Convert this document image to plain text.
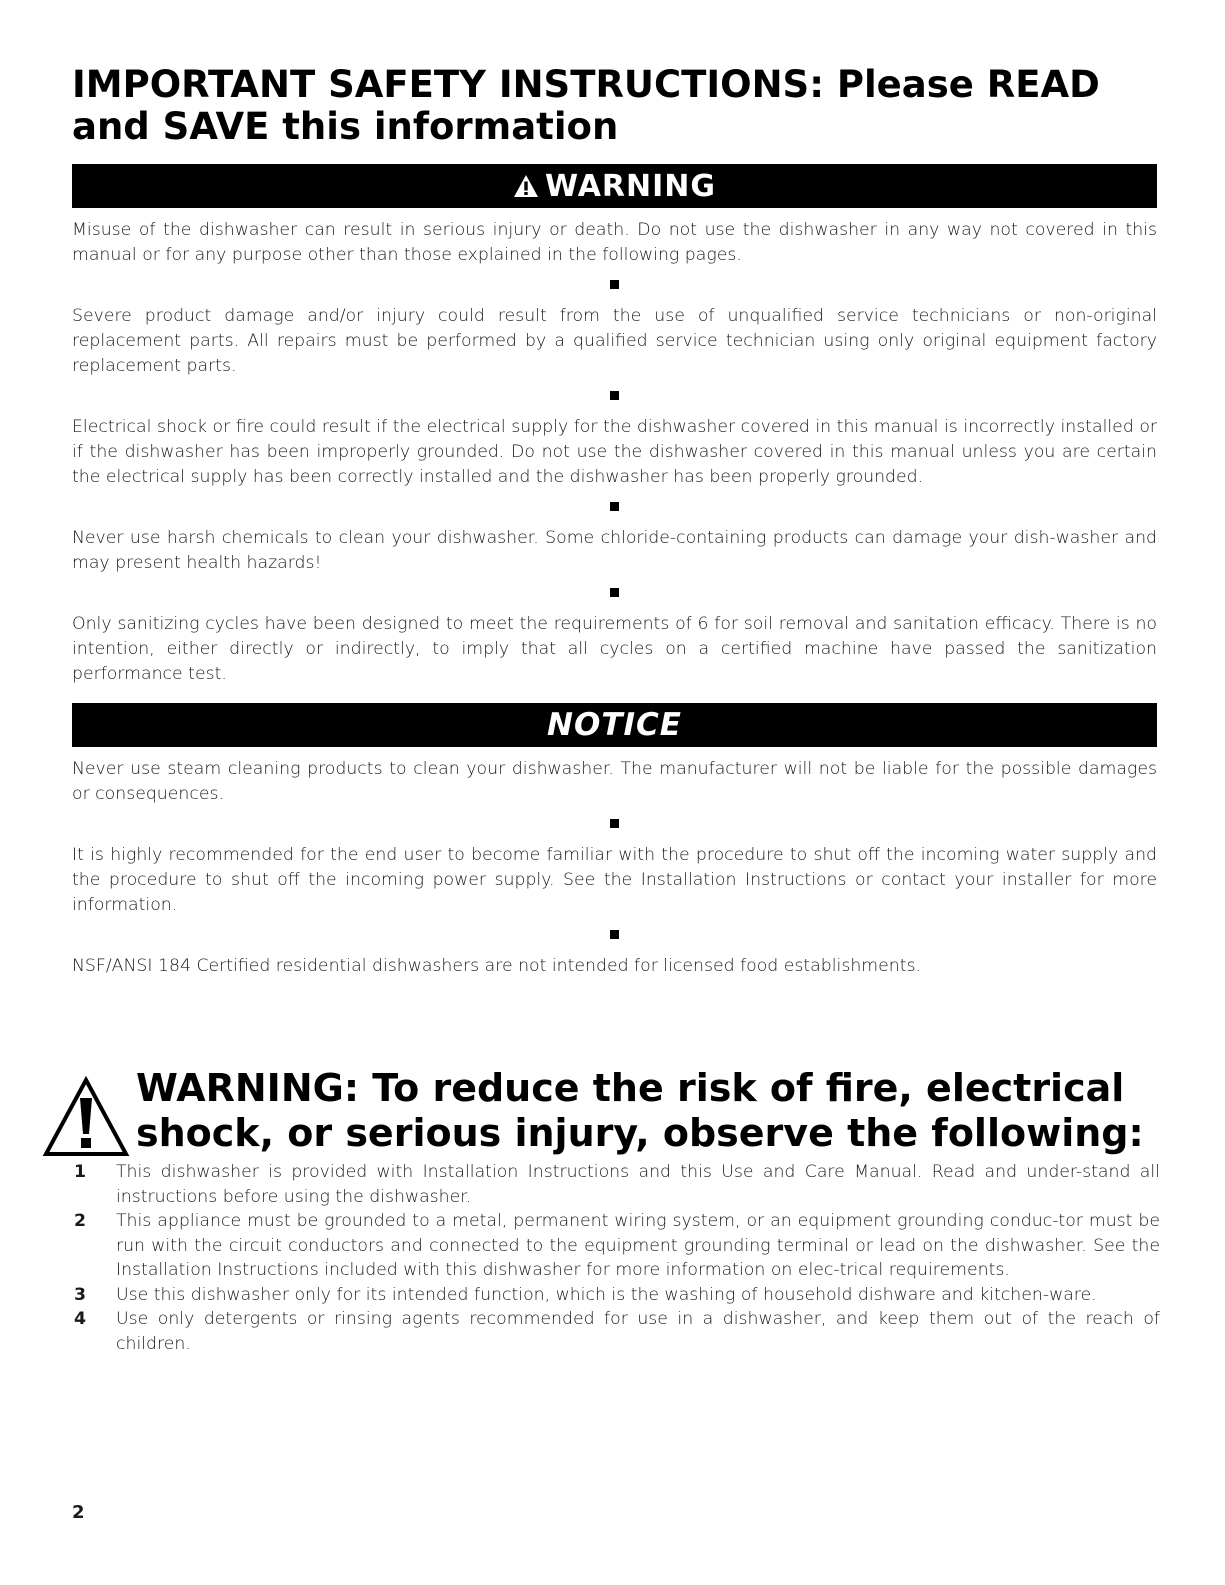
IMPORTANT SAFETY INSTRUCTIONS: Please READ and SAVE this information
WARNING

Misuse of the dishwasher can result in serious injury or death. Do not use the dishwasher in any way not covered in this manual or for any purpose other than those explained in the following pages.

Severe product damage and/or injury could result from the use of unqualified service technicians or non-original replacement parts. All repairs must be performed by a qualified service technician using only original equipment factory replacement parts.

Electrical shock or fire could result if the electrical supply for the dishwasher covered in this manual is incorrectly installed or if the dishwasher has been improperly grounded. Do not use the dishwasher covered in this manual unless you are certain the electrical supply has been correctly installed and the dishwasher has been properly grounded.

Never use harsh chemicals to clean your dishwasher. Some chloride-containing products can damage your dish-washer and may present health hazards!

Only sanitizing cycles have been designed to meet the requirements of 6 for soil removal and sanitation efficacy. There is no intention, either directly or indirectly, to imply that all cycles on a certified machine have passed the sanitization performance test.

NOTICE

Never use steam cleaning products to clean your dishwasher. The manufacturer will not be liable for the possible damages or consequences.

It is highly recommended for the end user to become familiar with the procedure to shut off the incoming water supply and the procedure to shut off the incoming power supply. See the Installation Instructions or contact your installer for more information.

NSF/ANSI 184 Certified residential dishwashers are not intended for licensed food establishments.

WARNING: To reduce the risk of fire, electrical shock, or serious injury, observe the following:
1	This dishwasher is provided with Installation Instructions and this Use and Care Manual. Read and under-stand all instructions before using the dishwasher.
2	This appliance must be grounded to a metal, permanent wiring system, or an equipment grounding conduc-tor must be run with the circuit conductors and connected to the equipment grounding terminal or lead on the dishwasher. See the Installation Instructions included with this dishwasher for more information on elec-trical requirements.
3	Use this dishwasher only for its intended function, which is the washing of household dishware and kitchen-ware.
4	Use only detergents or rinsing agents recommended for use in a dishwasher, and keep them out of the reach of children.
2
